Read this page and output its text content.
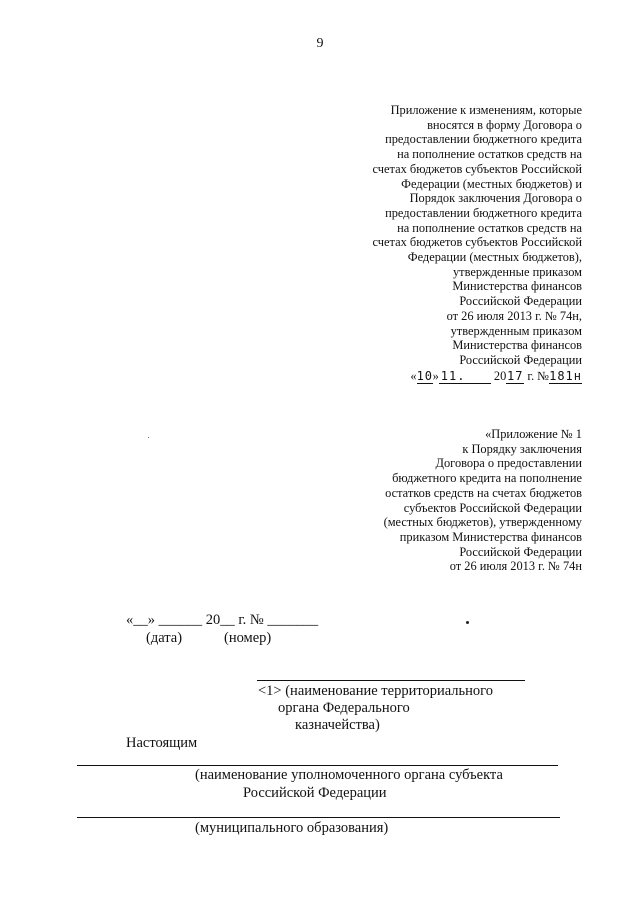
9
Приложение к изменениям, которые
вносятся в форму Договора о
предоставлении бюджетного кредита
на пополнение остатков средств на
счетах бюджетов субъектов Российской
Федерации (местных бюджетов) и
Порядок заключения Договора о
предоставлении бюджетного кредита
на пополнение остатков средств на
счетах бюджетов субъектов Российской
Федерации (местных бюджетов),
утвержденные приказом
Министерства финансов
Российской Федерации
от 26 июля 2013 г. № 74н,
утвержденным приказом
Министерства финансов
Российской Федерации
«10» 11. 2017 г. №181н
«Приложение № 1
к Порядку заключения
Договора о предоставлении
бюджетного кредита на пополнение
остатков средств на счетах бюджетов
субъектов Российской Федерации
(местных бюджетов), утвержденному
приказом Министерства финансов
Российской Федерации
от 26 июля 2013 г. № 74н
«__» ______ 20__ г. № _______
(дата)	(номер)
<1> (наименование территориального
органа Федерального
казначейства)
Настоящим
(наименование уполномоченного органа субъекта
Российской Федерации
(муниципального образования)
